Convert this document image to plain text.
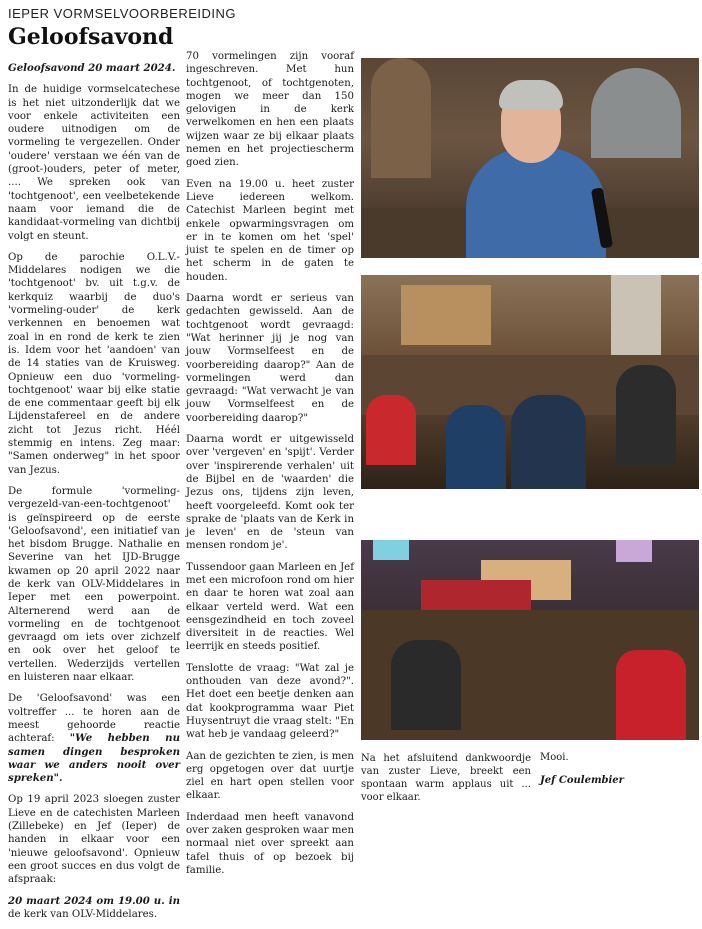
IEPER VORMSELVOORBEREIDING
Geloofsavond

Geloofsavond 20 maart 2024.

In de huidige vormselcatechese is het niet uitzonderlijk dat we voor enkele activiteiten een oudere uitnodigen om de vormeling te vergezellen. Onder 'oudere' verstaan we één van de (groot-)ouders, peter of meter, .... We spreken ook van 'tochtgenoot', een veelbetekende naam voor iemand die de kandidaat-vormeling van dichtbij volgt en steunt.

Op de parochie O.L.V.-Middelares nodigen we die 'tochtgenoot' bv. uit t.g.v. de kerkquiz waarbij de duo's 'vormeling-ouder' de kerk verkennen en benoemen wat zoal in en rond de kerk te zien is. Idem voor het 'aandoen' van de 14 staties van de Kruisweg. Opnieuw een duo 'vormeling-tochtgenoot' waar bij elke statie de ene commentaar geeft bij elk Lijdenstafereel en de andere zicht tot Jezus richt. Héél stemmig en intens. Zeg maar: "Samen onderweg" in het spoor van Jezus.

De formule 'vormeling-vergezeld-van-een-tochtgenoot' is geïnspireerd op de eerste 'Geloofsavond', een initiatief van het bisdom Brugge. Nathalie en Severine van het IJD-Brugge kwamen op 20 april 2022 naar de kerk van OLV-Middelares in Ieper met een powerpoint. Alternerend werd aan de vormeling en de tochtgenoot gevraagd om iets over zichzelf en ook over het geloof te vertellen. Wederzijds vertellen en luisteren naar elkaar.

De 'Geloofsavond' was een voltreffer ... te horen aan de meest gehoorde reactie achteraf: "We hebben nu samen dingen besproken waar we anders nooit over spreken".

Op 19 april 2023 sloegen zuster Lieve en de catechisten Marleen (Zillebeke) en Jef (Ieper) de handen in elkaar voor een 'nieuwe geloofsavond'. Opnieuw een groot succes en dus volgt de afspraak:

20 maart 2024 om 19.00 u. in de kerk van OLV-Middelares.

70 vormelingen zijn vooraf ingeschreven. Met hun tochtgenoot, of tochtgenoten, mogen we meer dan 150 gelovigen in de kerk verwelkomen en hen een plaats wijzen waar ze bij elkaar plaats nemen en het projectiescherm goed zien.

Even na 19.00 u. heet zuster Lieve iedereen welkom. Catechist Marleen begint met enkele opwarmingsvragen om er in te komen om het 'spel' juist te spelen en de timer op het scherm in de gaten te houden.

Daarna wordt er serieus van gedachten gewisseld. Aan de tochtgenoot wordt gevraagd: "Wat herinner jij je nog van jouw Vormselfeest en de voorbereiding daarop?" Aan de vormelingen werd dan gevraagd: "Wat verwacht je van jouw Vormselfeest en de voorbereiding daarop?"

Daarna wordt er uitgewisseld over 'vergeven' en 'spijt'. Verder over 'inspirerende verhalen' uit de Bijbel en de 'waarden' die Jezus ons, tijdens zijn leven, heeft voorgeleefd. Komt ook ter sprake de 'plaats van de Kerk in je leven' en de 'steun van mensen rondom je'.

Tussendoor gaan Marleen en Jef met een microfoon rond om hier en daar te horen wat zoal aan elkaar verteld werd. Wat een eensgezindheid en toch zoveel diversiteit in de reacties. Wel leerrijk en steeds positief.

Tenslotte de vraag: "Wat zal je onthouden van deze avond?". Het doet een beetje denken aan dat kookprogramma waar Piet Huysentruyt die vraag stelt: "En wat heb je vandaag geleerd?"

Aan de gezichten te zien, is men erg opgetogen over dat uurtje ziel en hart open stellen voor elkaar.

Inderdaad men heeft vanavond over zaken gesproken waar men normaal niet over spreekt aan tafel thuis of op bezoek bij familie.

Na het afsluitend dankwoordje van zuster Lieve, breekt een spontaan warm applaus uit ... voor elkaar.
Mooi.
Jef Coulembier
